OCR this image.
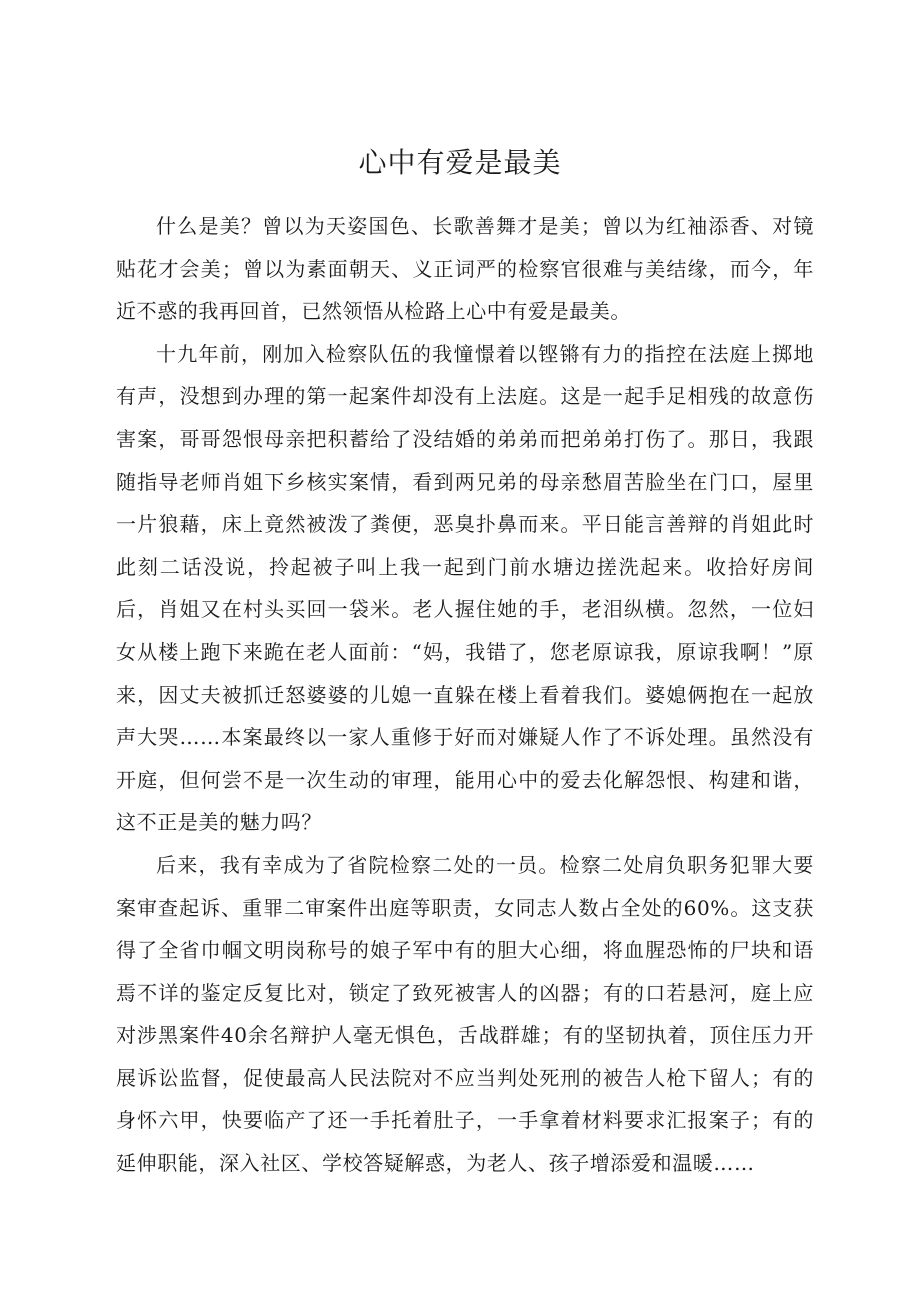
心中有爱是最美

什么是美？曾以为天姿国色、长歌善舞才是美；曾以为红袖添香、对镜贴花才会美；曾以为素面朝天、义正词严的检察官很难与美结缘，而今，年近不惑的我再回首，已然领悟从检路上心中有爱是最美。

十九年前，刚加入检察队伍的我憧憬着以铿锵有力的指控在法庭上掷地有声，没想到办理的第一起案件却没有上法庭。这是一起手足相残的故意伤害案，哥哥怨恨母亲把积蓄给了没结婚的弟弟而把弟弟打伤了。那日，我跟随指导老师肖姐下乡核实案情，看到两兄弟的母亲愁眉苦脸坐在门口，屋里一片狼藉，床上竟然被泼了粪便，恶臭扑鼻而来。平日能言善辩的肖姐此时此刻二话没说，拎起被子叫上我一起到门前水塘边搓洗起来。收拾好房间后，肖姐又在村头买回一袋米。老人握住她的手，老泪纵横。忽然，一位妇女从楼上跑下来跪在老人面前：“妈，我错了，您老原谅我，原谅我啊！”原来，因丈夫被抓迁怒婆婆的儿媳一直躲在楼上看着我们。婆媳俩抱在一起放声大哭……本案最终以一家人重修于好而对嫌疑人作了不诉处理。虽然没有开庭，但何尝不是一次生动的审理，能用心中的爱去化解怨恨、构建和谐，这不正是美的魅力吗？

后来，我有幸成为了省院检察二处的一员。检察二处肩负职务犯罪大要案审查起诉、重罪二审案件出庭等职责，女同志人数占全处的60%。这支获得了全省巾帼文明岗称号的娘子军中有的胆大心细，将血腥恐怖的尸块和语焉不详的鉴定反复比对，锁定了致死被害人的凶器；有的口若悬河，庭上应对涉黑案件40余名辩护人毫无惧色，舌战群雄；有的坚韧执着，顶住压力开展诉讼监督，促使最高人民法院对不应当判处死刑的被告人枪下留人；有的身怀六甲，快要临产了还一手托着肚子，一手拿着材料要求汇报案子；有的延伸职能，深入社区、学校答疑解惑，为老人、孩子增添爱和温暖……
